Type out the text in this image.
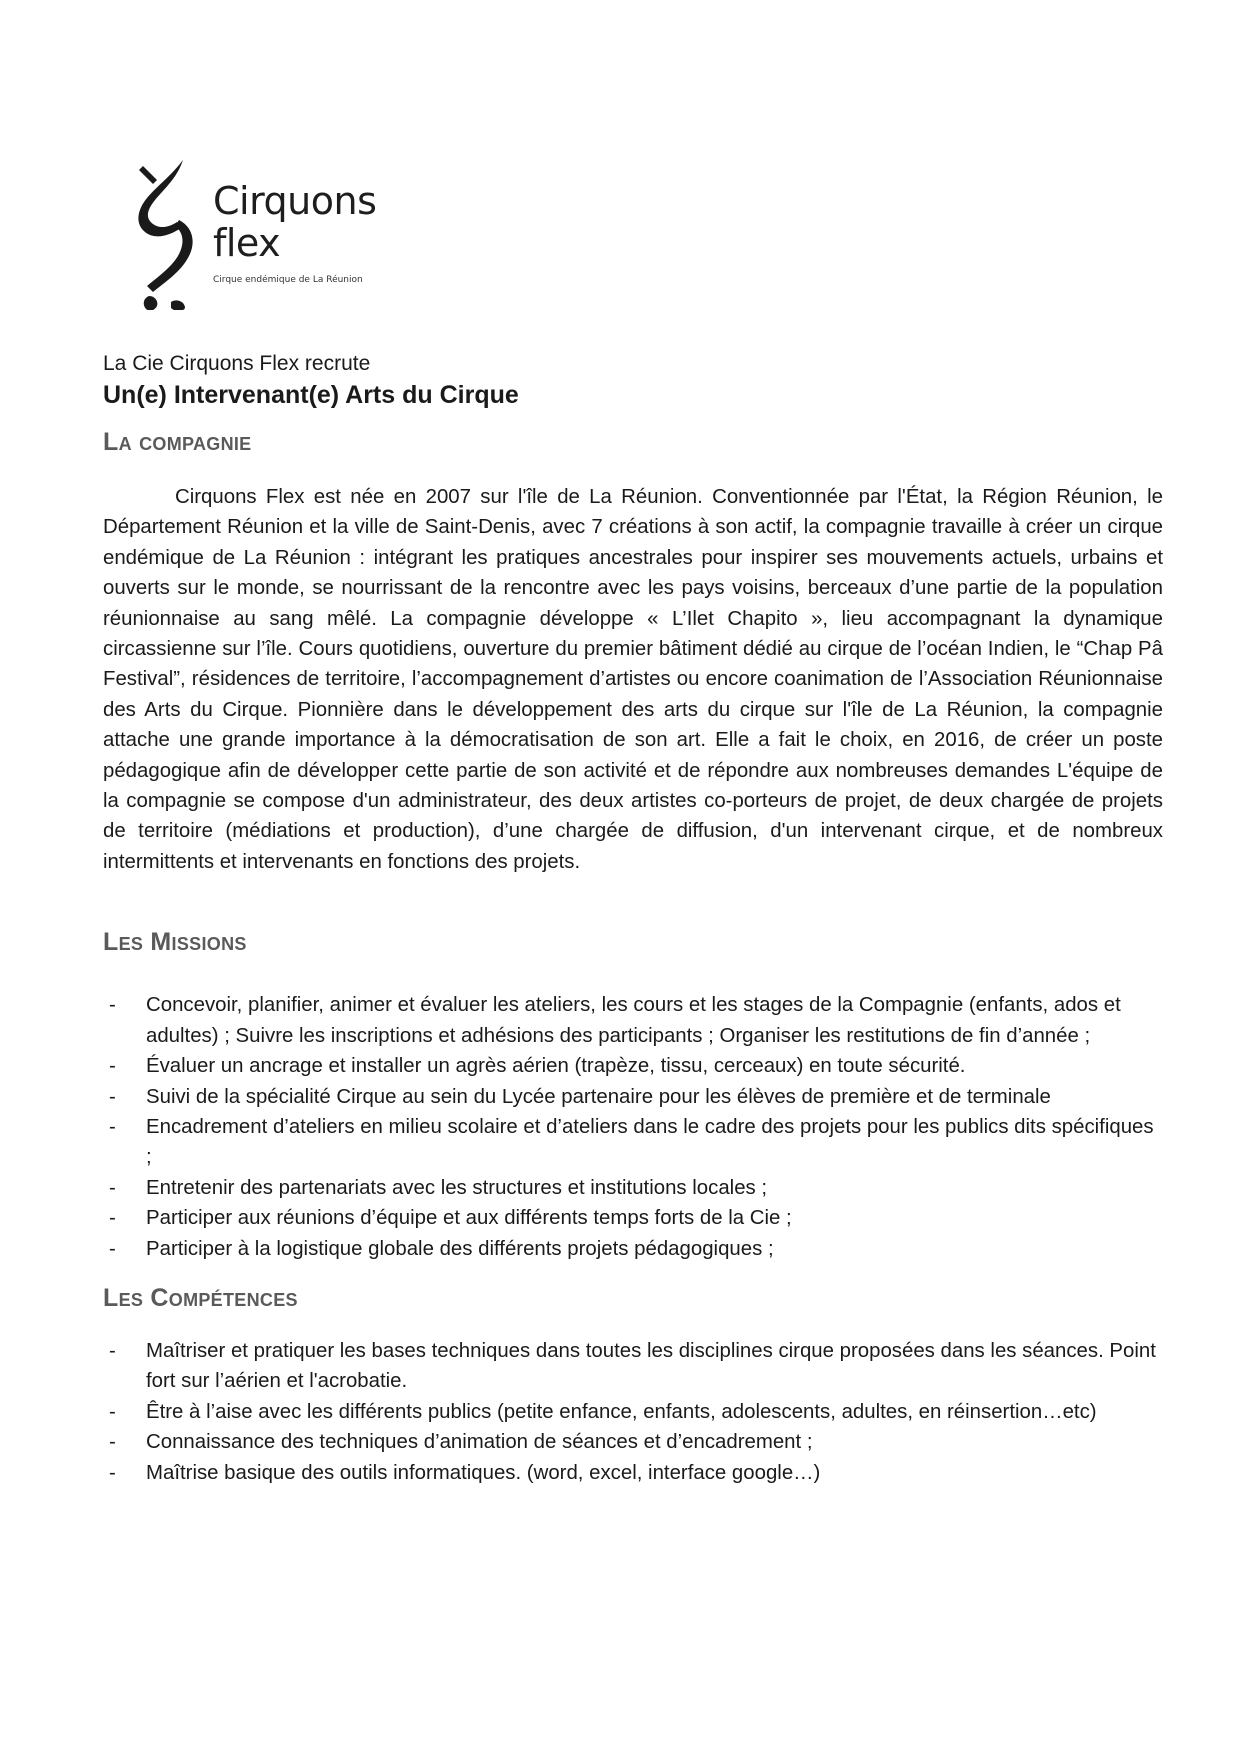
Cirquons
flex
Cirque endémique de La Réunion

La Cie Cirquons Flex recrute

Un(e) Intervenant(e) Arts du Cirque
La compagnie

Cirquons Flex est née en 2007 sur l'île de La Réunion. Conventionnée par l'État, la Région Réunion, le Département Réunion et la ville de Saint-Denis, avec 7 créations à son actif, la compagnie travaille à créer un cirque endémique de La Réunion : intégrant les pratiques ancestrales pour inspirer ses mouvements actuels, urbains et ouverts sur le monde, se nourrissant de la rencontre avec les pays voisins, berceaux d’une partie de la population réunionnaise au sang mêlé. La compagnie développe « L’Ilet Chapito », lieu accompagnant la dynamique circassienne sur l’île. Cours quotidiens, ouverture du premier bâtiment dédié au cirque de l’océan Indien, le “Chap Pâ Festival”, résidences de territoire, l’accompagnement d’artistes ou encore coanimation de l’Association Réunionnaise des Arts du Cirque. Pionnière dans le développement des arts du cirque sur l'île de La Réunion, la compagnie attache une grande importance à la démocratisation de son art. Elle a fait le choix, en 2016, de créer un poste pédagogique afin de développer cette partie de son activité et de répondre aux nombreuses demandes L'équipe de la compagnie se compose d'un administrateur, des deux artistes co-porteurs de projet, de deux chargée de projets de territoire (médiations et production), d’une chargée de diffusion, d'un intervenant cirque, et de nombreux intermittents et intervenants en fonctions des projets.

Les Missions
- Concevoir, planifier, animer et évaluer les ateliers, les cours et les stages de la Compagnie (enfants, ados et adultes) ; Suivre les inscriptions et adhésions des participants ; Organiser les restitutions de fin d’année ;
- Évaluer un ancrage et installer un agrès aérien (trapèze, tissu, cerceaux) en toute sécurité.
- Suivi de la spécialité Cirque au sein du Lycée partenaire pour les élèves de première et de terminale
- Encadrement d’ateliers en milieu scolaire et d’ateliers dans le cadre des projets pour les publics dits spécifiques ;
- Entretenir des partenariats avec les structures et institutions locales ;
- Participer aux réunions d’équipe et aux différents temps forts de la Cie ;
- Participer à la logistique globale des différents projets pédagogiques ;
Les Compétences
- Maîtriser et pratiquer les bases techniques dans toutes les disciplines cirque proposées dans les séances. Point fort sur l’aérien et l'acrobatie.
- Être à l’aise avec les différents publics (petite enfance, enfants, adolescents, adultes, en réinsertion…etc)
- Connaissance des techniques d’animation de séances et d’encadrement ;
- Maîtrise basique des outils informatiques. (word, excel, interface google…)
